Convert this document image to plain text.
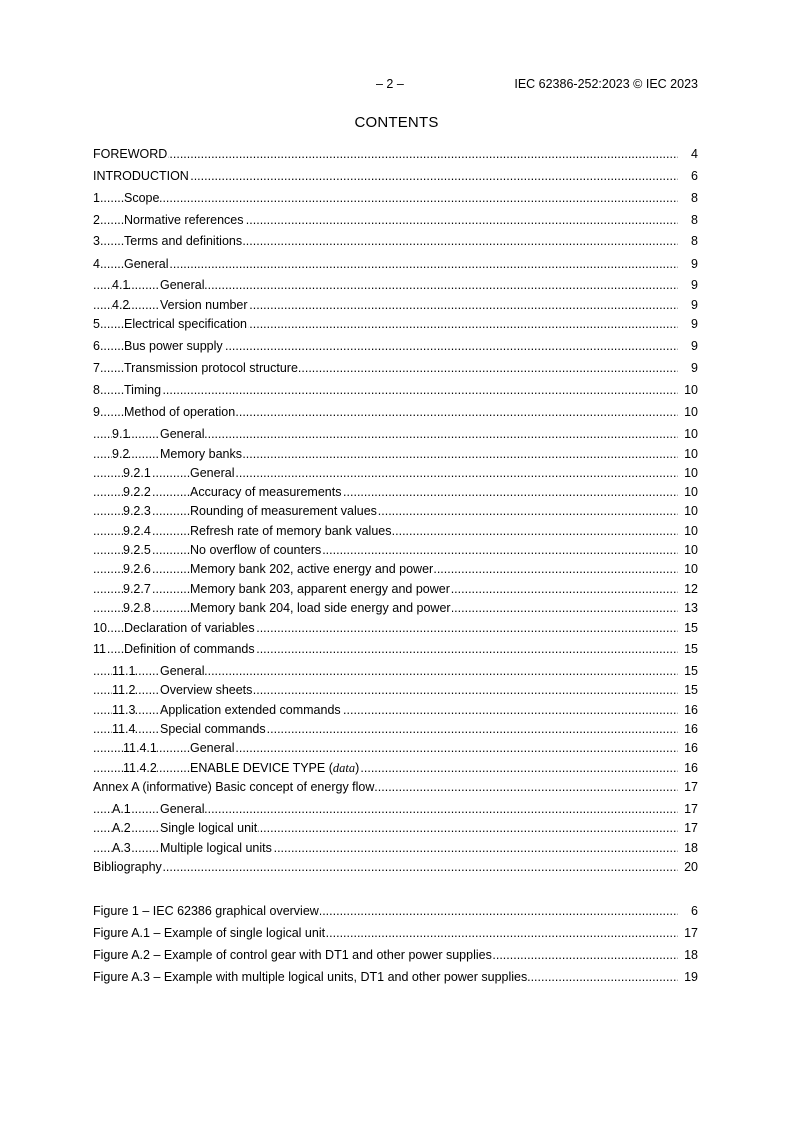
– 2 –	IEC 62386-252:2023 © IEC 2023
CONTENTS
.....
FOREWORD	4
.....
INTRODUCTION	6
.....
1 Scope	8
.....
2 Normative references	8
.....
3 Terms and definitions	8
.....
4 General	9
.....
4.1 General	9
.....
4.2 Version number	9
.....
5 Electrical specification	9
.....
6 Bus power supply	9
.....
7 Transmission protocol structure	9
.....
8 Timing	10
.....
9 Method of operation	10
.....
9.1 General	10
.....
9.2 Memory banks	10
.....
9.2.1	General	10
.....
9.2.2	Accuracy of measurements	10
.....
9.2.3	Rounding of measurement values	10
.....
9.2.4	Refresh rate of memory bank values	10
.....
9.2.5	No overflow of counters	10
.....
9.2.6	Memory bank 202, active energy and power	10
.....
9.2.7	Memory bank 203, apparent energy and power	12
.....
9.2.8	Memory bank 204, load side energy and power	13
.....
10 Declaration of variables	15
.....
11 Definition of commands	15
.....
11.1 General	15
.....
11.2 Overview sheets	15
.....
11.3 Application extended commands	16
.....
11.4 Special commands	16
.....
11.4.1	General	16
.....
11.4.2	ENABLE DEVICE TYPE (data)	16
.....
Annex A (informative) Basic concept of energy flow	17
.....
A.1 General	17
.....
A.2 Single logical unit	17
.....
A.3 Multiple logical units	18
.....
Bibliography	20
.....
Figure 1 – IEC 62386 graphical overview	6
.....
Figure A.1 – Example of single logical unit	17
.....
Figure A.2 – Example of control gear with DT1 and other power supplies	18
.....
Figure A.3 – Example with multiple logical units, DT1 and other power supplies	19
